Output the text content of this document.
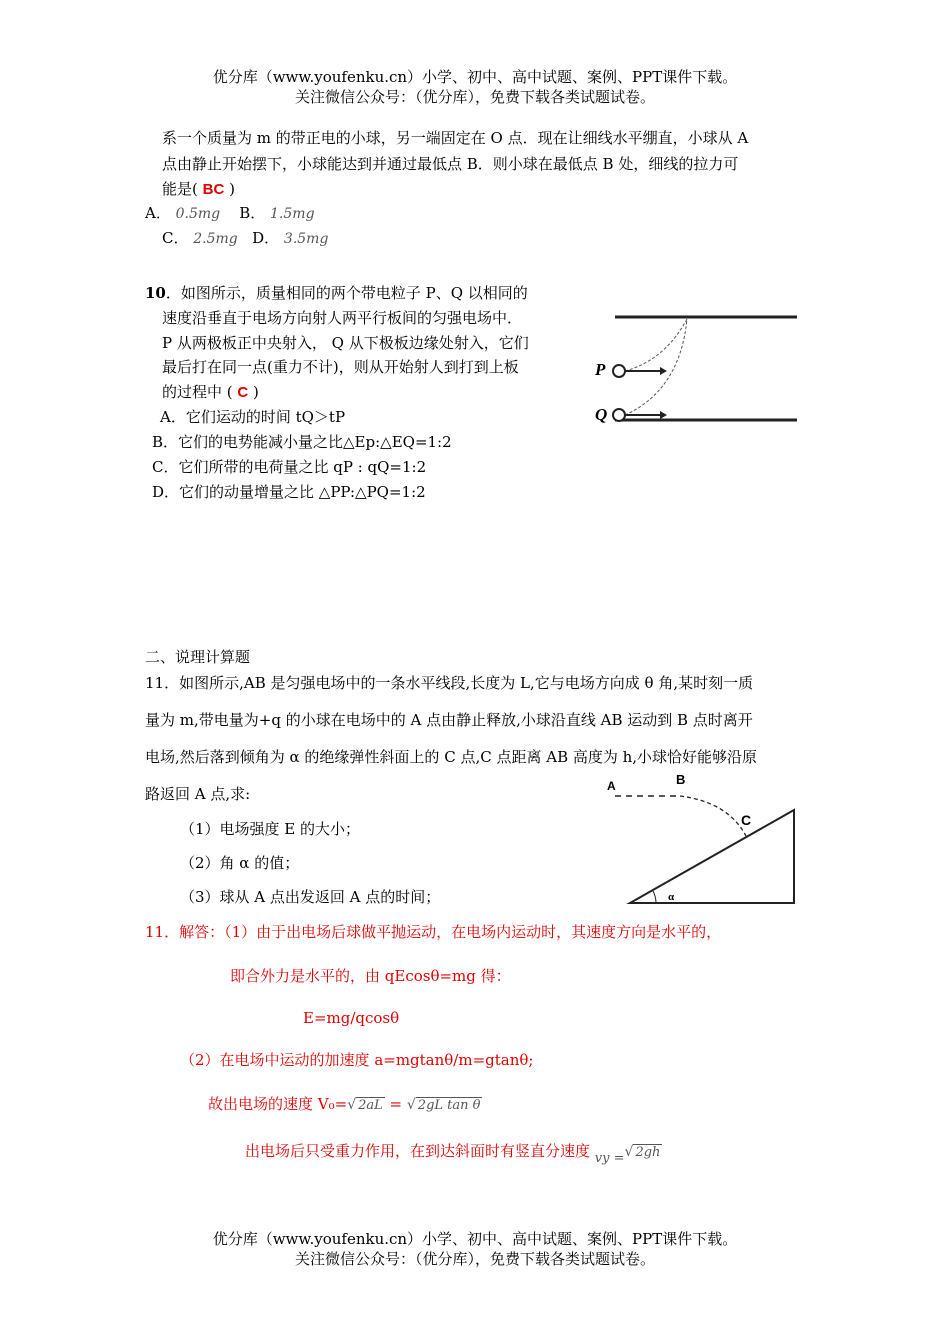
优分库（www.youfenku.cn）小学、初中、高中试题、案例、PPT课件下载。
关注微信公众号：（优分库），免费下载各类试题试卷。
系一个质量为 m 的带正电的小球，另一端固定在 O 点．现在让细线水平绷直，小球从 A
点由静止开始摆下，小球能达到并通过最低点 B．则小球在最低点 B 处，细线的拉力可
能是( BC )
A． 0.5mg B． 1.5mg
C． 2.5mg D． 3.5mg
10．如图所示，质量相同的两个带电粒子 P、Q 以相同的
速度沿垂直于电场方向射人两平行板间的匀强电场中．
P 从两极板正中央射入， Q 从下极板边缘处射入，它们
最后打在同一点(重力不计)，则从开始射人到打到上板
的过程中 ( C )
A．它们运动的时间 tQ＞tP
B．它们的电势能减小量之比△Ep:△EQ=1:2
C．它们所带的电荷量之比 qP : qQ=1:2
D．它们的动量增量之比 △PP:△PQ=1:2
P
Q
二、说理计算题
11．如图所示,AB 是匀强电场中的一条水平线段,长度为 L,它与电场方向成 θ 角,某时刻一质
量为 m,带电量为+q 的小球在电场中的 A 点由静止释放,小球沿直线 AB 运动到 B 点时离开
电场,然后落到倾角为 α 的绝缘弹性斜面上的 C 点,C 点距离 AB 高度为 h,小球恰好能够沿原
路返回 A 点,求:
（1）电场强度 E 的大小；
（2）角 α 的值；
（3）球从 A 点出发返回 A 点的时间；
A	B
C
α
11．解答：（1）由于出电场后球做平抛运动，在电场内运动时，其速度方向是水平的，
即合外力是水平的，由 qEcosθ=mg 得：
E=mg/qcosθ
（2）在电场中运动的加速度 a=mgtanθ/m=gtanθ;
故出电场的速度 V₀=√ 2aL = √ 2gL tan θ
出电场后只受重力作用，在到达斜面时有竖直分速度 vy =√ 2gh
优分库（www.youfenku.cn）小学、初中、高中试题、案例、PPT课件下载。
关注微信公众号：（优分库），免费下载各类试题试卷。
